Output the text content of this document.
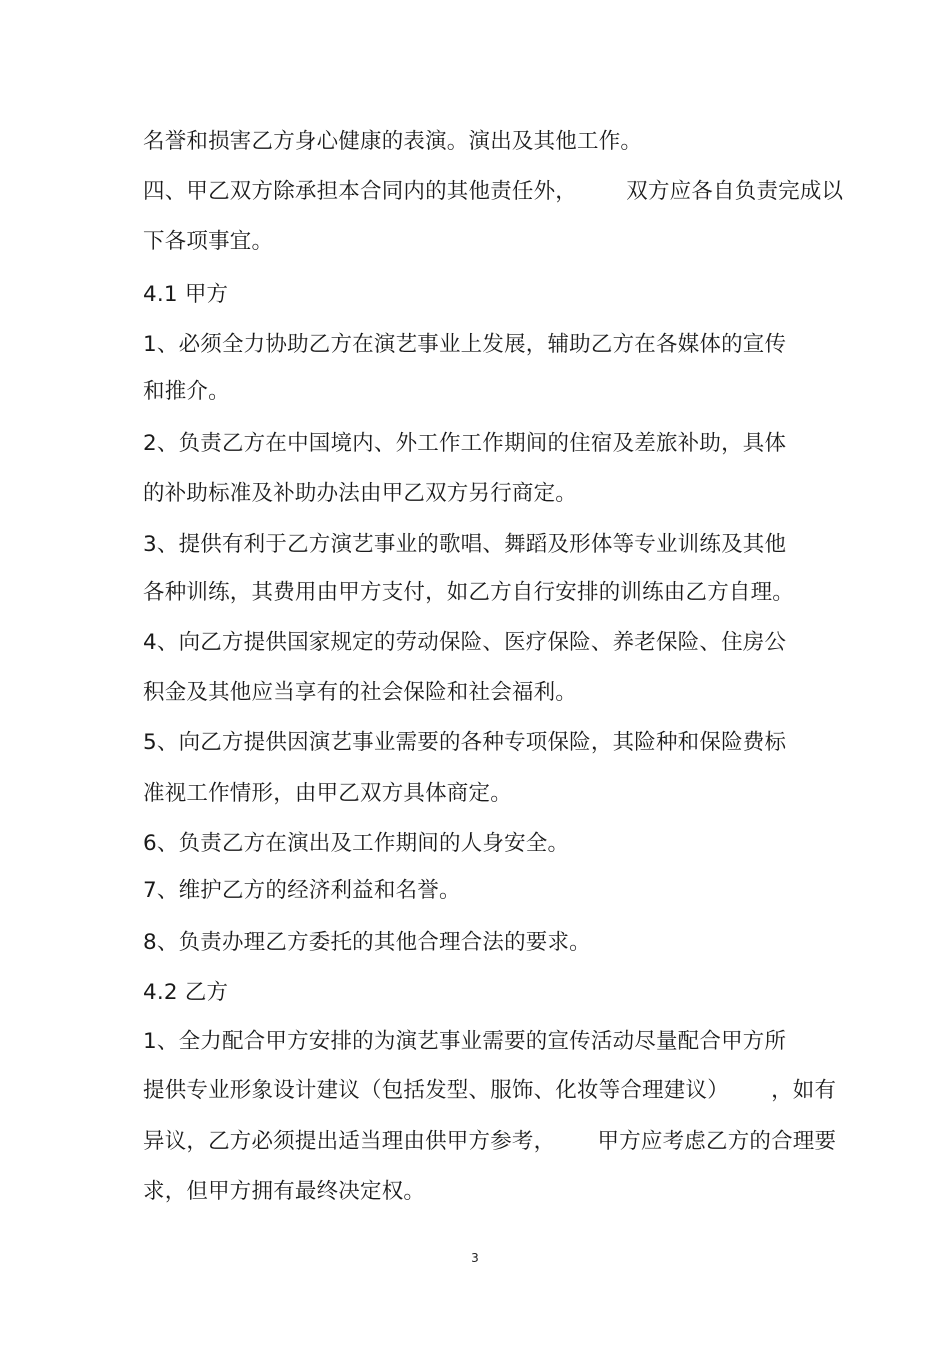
名誉和损害乙方身心健康的表演。演出及其他工作。
四、甲乙双方除承担本合同内的其他责任外，       双方应各自负责完成以
下各项事宜。
4.1 甲方
1、必须全力协助乙方在演艺事业上发展，辅助乙方在各媒体的宣传
和推介。
2、负责乙方在中国境内、外工作工作期间的住宿及差旅补助，具体
的补助标准及补助办法由甲乙双方另行商定。
3、提供有利于乙方演艺事业的歌唱、舞蹈及形体等专业训练及其他
各种训练，其费用由甲方支付，如乙方自行安排的训练由乙方自理。
4、向乙方提供国家规定的劳动保险、医疗保险、养老保险、住房公
积金及其他应当享有的社会保险和社会福利。
5、向乙方提供因演艺事业需要的各种专项保险，其险种和保险费标
准视工作情形，由甲乙双方具体商定。
6、负责乙方在演出及工作期间的人身安全。
7、维护乙方的经济利益和名誉。
8、负责办理乙方委托的其他合理合法的要求。
4.2 乙方
1、全力配合甲方安排的为演艺事业需要的宣传活动尽量配合甲方所
提供专业形象设计建议（包括发型、服饰、化妆等合理建议）      ，如有
异议，乙方必须提出适当理由供甲方参考，      甲方应考虑乙方的合理要
求，但甲方拥有最终决定权。
3
